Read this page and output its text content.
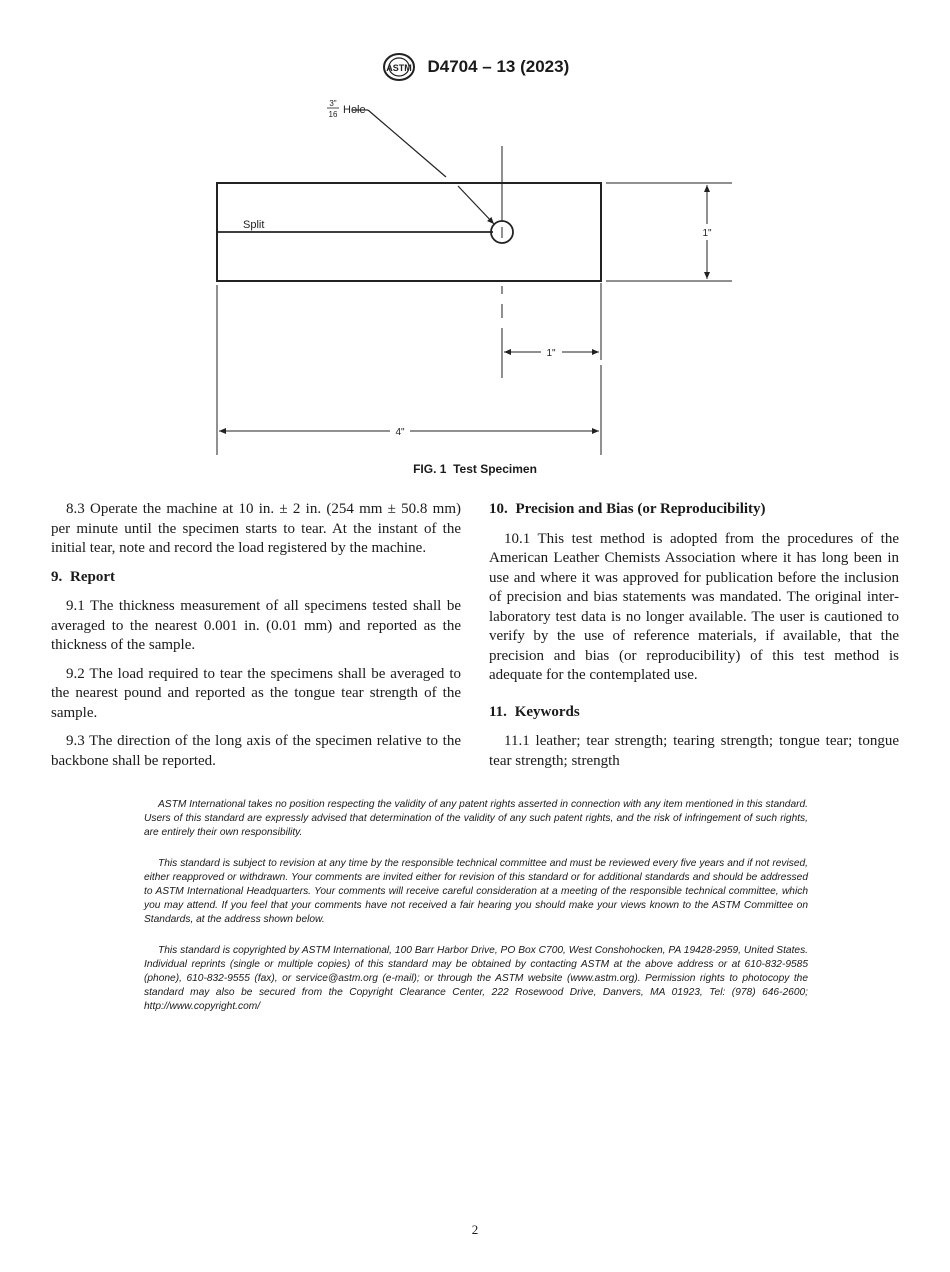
ASTM D4704 – 13 (2023)
3"
16 Hole
Split
1"
1"
4"
FIG. 1 Test Specimen

8.3 Operate the machine at 10 in. ± 2 in. (254 mm ± 50.8 mm) per minute until the specimen starts to tear. At the instant of the initial tear, note and record the load registered by the machine.

9. Report

9.1 The thickness measurement of all specimens tested shall be averaged to the nearest 0.001 in. (0.01 mm) and reported as the thickness of the sample.

9.2 The load required to tear the specimens shall be averaged to the nearest pound and reported as the tongue tear strength of the sample.

9.3 The direction of the long axis of the specimen relative to the backbone shall be reported.

10. Precision and Bias (or Reproducibility)

10.1 This test method is adopted from the procedures of the American Leather Chemists Association where it has long been in use and where it was approved for publication before the inclusion of precision and bias statements was mandated. The original inter-laboratory test data is no longer available. The user is cautioned to verify by the use of reference materials, if available, that the precision and bias (or reproducibility) of this test method is adequate for the contemplated use.

11. Keywords

11.1 leather; tear strength; tearing strength; tongue tear; tongue tear strength; strength

ASTM International takes no position respecting the validity of any patent rights asserted in connection with any item mentioned in this standard. Users of this standard are expressly advised that determination of the validity of any such patent rights, and the risk of infringement of such rights, are entirely their own responsibility.

This standard is subject to revision at any time by the responsible technical committee and must be reviewed every five years and if not revised, either reapproved or withdrawn. Your comments are invited either for revision of this standard or for additional standards and should be addressed to ASTM International Headquarters. Your comments will receive careful consideration at a meeting of the responsible technical committee, which you may attend. If you feel that your comments have not received a fair hearing you should make your views known to the ASTM Committee on Standards, at the address shown below.

This standard is copyrighted by ASTM International, 100 Barr Harbor Drive, PO Box C700, West Conshohocken, PA 19428-2959, United States. Individual reprints (single or multiple copies) of this standard may be obtained by contacting ASTM at the above address or at 610-832-9585 (phone), 610-832-9555 (fax), or service@astm.org (e-mail); or through the ASTM website (www.astm.org). Permission rights to photocopy the standard may also be secured from the Copyright Clearance Center, 222 Rosewood Drive, Danvers, MA 01923, Tel: (978) 646-2600; http://www.copyright.com/

2
